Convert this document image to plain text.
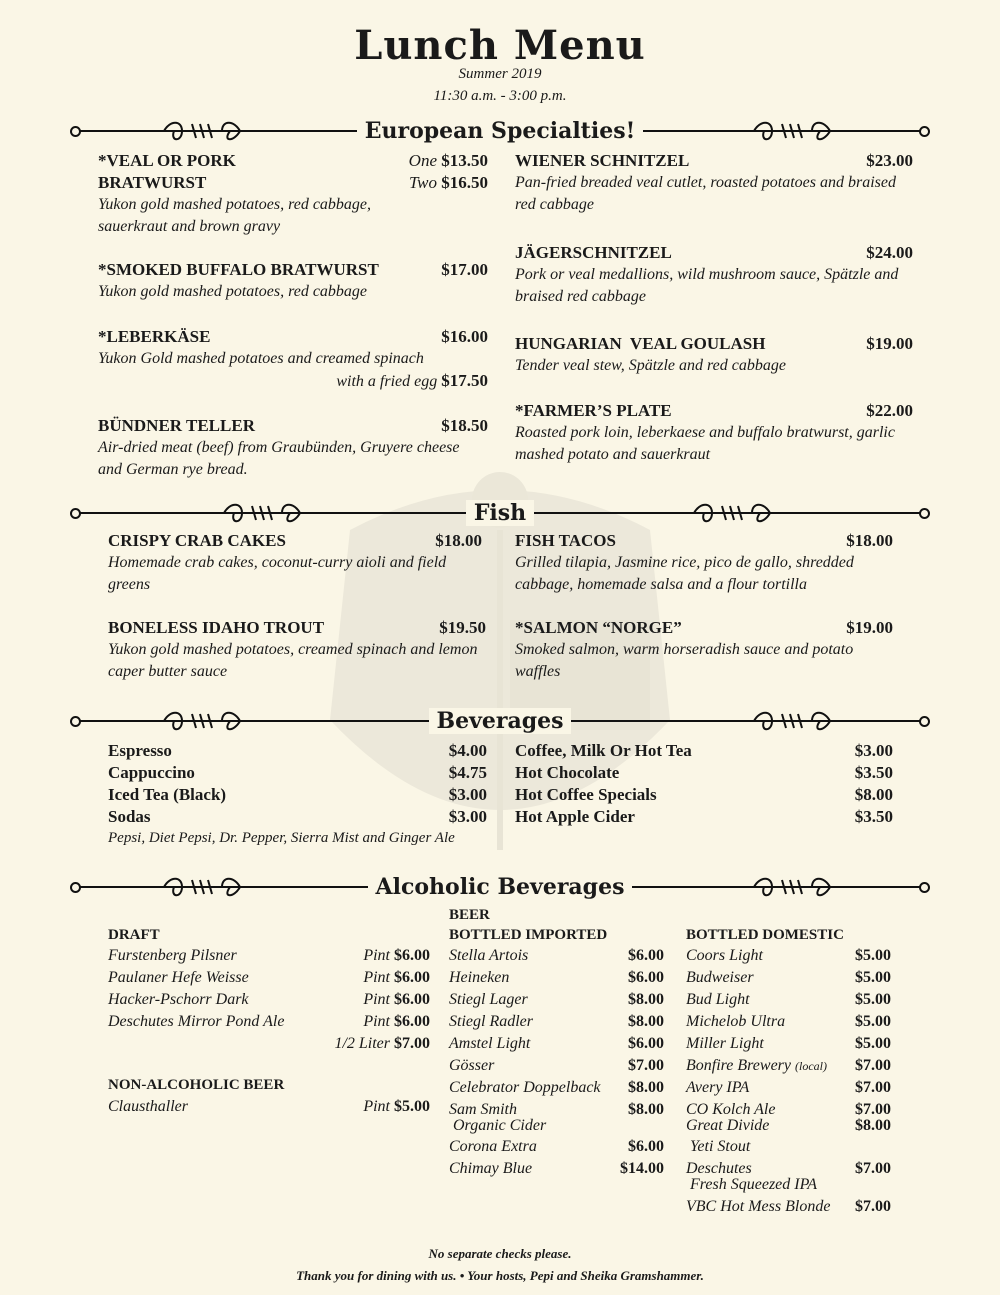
Lunch Menu
Summer 2019
11:30 a.m. - 3:00 p.m.
European Specialties!
*VEAL OR PORK
BRATWURST
One $13.50
Two $16.50
Yukon gold mashed potatoes, red cabbage, sauerkraut and brown gravy
*SMOKED BUFFALO BRATWURST	$17.00
Yukon gold mashed potatoes, red cabbage
*LEBERKÄSE	$16.00
Yukon Gold mashed potatoes and creamed spinach
with a fried egg $17.50
BÜNDNER TELLER	$18.50
Air-dried meat (beef) from Graubünden, Gruyere cheese and German rye bread.
WIENER SCHNITZEL	$23.00
Pan-fried breaded veal cutlet, roasted potatoes and braised red cabbage
JÄGERSCHNITZEL	$24.00
Pork or veal medallions, wild mushroom sauce, Spätzle and braised red cabbage
HUNGARIAN  VEAL GOULASH	$19.00
Tender veal stew, Spätzle and red cabbage
*FARMER’S PLATE	$22.00
Roasted pork loin, leberkaese and buffalo bratwurst, garlic mashed potato and sauerkraut
Fish
CRISPY CRAB CAKES	$18.00
Homemade crab cakes, coconut-curry aioli and field greens
BONELESS IDAHO TROUT	$19.50
Yukon gold mashed potatoes, creamed spinach and lemon caper butter sauce
FISH TACOS	$18.00
Grilled tilapia, Jasmine rice, pico de gallo, shredded cabbage, homemade salsa and a flour tortilla
*SALMON “NORGE”	$19.00
Smoked salmon, warm horseradish sauce and potato waffles
Beverages
Espresso	$4.00
Cappuccino	$4.75
Iced Tea (Black)	$3.00
Sodas	$3.00
Pepsi, Diet Pepsi, Dr. Pepper, Sierra Mist and Ginger Ale
Coffee, Milk Or Hot Tea	$3.00
Hot Chocolate	$3.50
Hot Coffee Specials	$8.00
Hot Apple Cider	$3.50
Alcoholic Beverages
BEER
DRAFT
Furstenberg Pilsner	Pint $6.00
Paulaner Hefe Weisse	Pint $6.00
Hacker-Pschorr Dark	Pint $6.00
Deschutes Mirror Pond Ale	Pint $6.00
1/2 Liter $7.00
NON-ALCOHOLIC BEER
Clausthaller	Pint $5.00
BOTTLED IMPORTED
Stella Artois	$6.00
Heineken	$6.00
Stiegl Lager	$8.00
Stiegl Radler	$8.00
Amstel Light	$6.00
Gösser	$7.00
Celebrator Doppelback $8.00
Sam Smith	$8.00
Organic Cider
Corona Extra	$6.00
Chimay Blue	$14.00
BOTTLED DOMESTIC
Coors Light	$5.00
Budweiser	$5.00
Bud Light	$5.00
Michelob Ultra	$5.00
Miller Light	$5.00
Bonfire Brewery (local) $7.00
Avery IPA	$7.00
CO Kolch Ale	$7.00
Great Divide	$8.00
Yeti Stout
Deschutes	$7.00
Fresh Squeezed IPA
VBC Hot Mess Blonde $7.00
No separate checks please.
Thank you for dining with us. • Your hosts, Pepi and Sheika Gramshammer.
